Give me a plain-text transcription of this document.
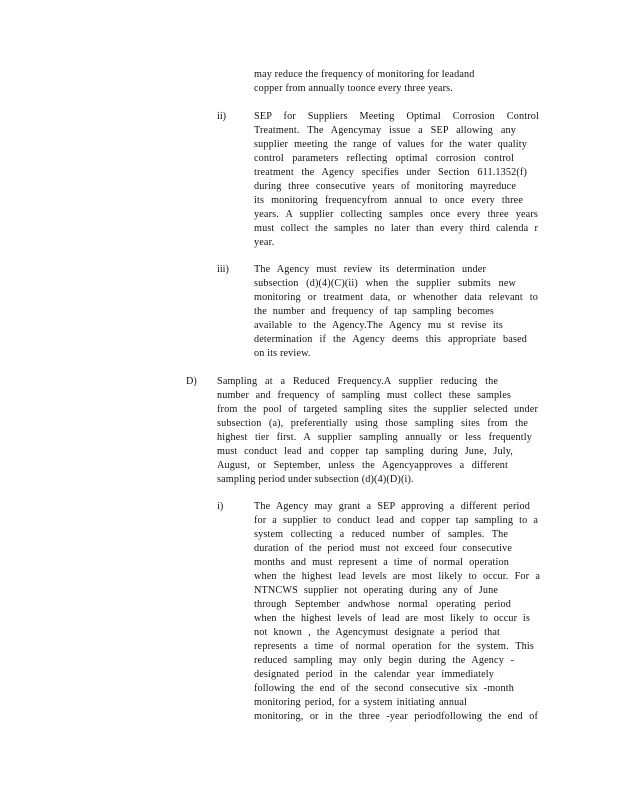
may reduce the frequency of monitoring for leadand
copper from annually toonce every three years.
ii)	SEP for Suppliers Meeting Optimal Corrosion Control
Treatment. The Agencymay issue a SEP allowing any
supplier meeting the range of values for the water quality
control parameters reflecting optimal corrosion control
treatment the Agency specifies under Section 611.1352(f)
during three consecutive years of monitoring mayreduce
its monitoring frequencyfrom annual to once every three
years. A supplier collecting samples once every three years
must collect the samples no later than every third calenda r
year.
iii) The Agency must review its determination under
subsection (d)(4)(C)(ii) when the supplier submits new
monitoring or treatment data, or whenother data relevant to
the number and frequency of tap sampling becomes
available to the Agency.The Agency mu st revise its
determination if the Agency deems this appropriate based
on its review.
D) Sampling at a Reduced Frequency.A supplier reducing the
number and frequency of sampling must collect these samples
from the pool of targeted sampling sites the supplier selected under
subsection (a), preferentially using those sampling sites from the
highest tier first. A supplier sampling annually or less frequently
must conduct lead and copper tap sampling during June, July,
August, or September, unless the Agencyapproves a different
sampling period under subsection (d)(4)(D)(i).
i)	The Agency may grant a SEP approving a different period
for a supplier to conduct lead and copper tap sampling to a
system collecting a reduced number of samples. The
duration of the period must not exceed four consecutive
months and must represent a time of normal operation
when the highest lead levels are most likely to occur. For a
NTNCWS supplier not operating during any of June
through September andwhose normal operating period
when the highest levels of lead are most likely to occur is
not known , the Agencymust designate a period that
represents a time of normal operation for the system. This
reduced sampling may only begin during the Agency -
designated period in the calendar year immediately
following the end of the second consecutive six -month
monitoring period, for a system initiating annual
monitoring, or in the three -year periodfollowing the end of
